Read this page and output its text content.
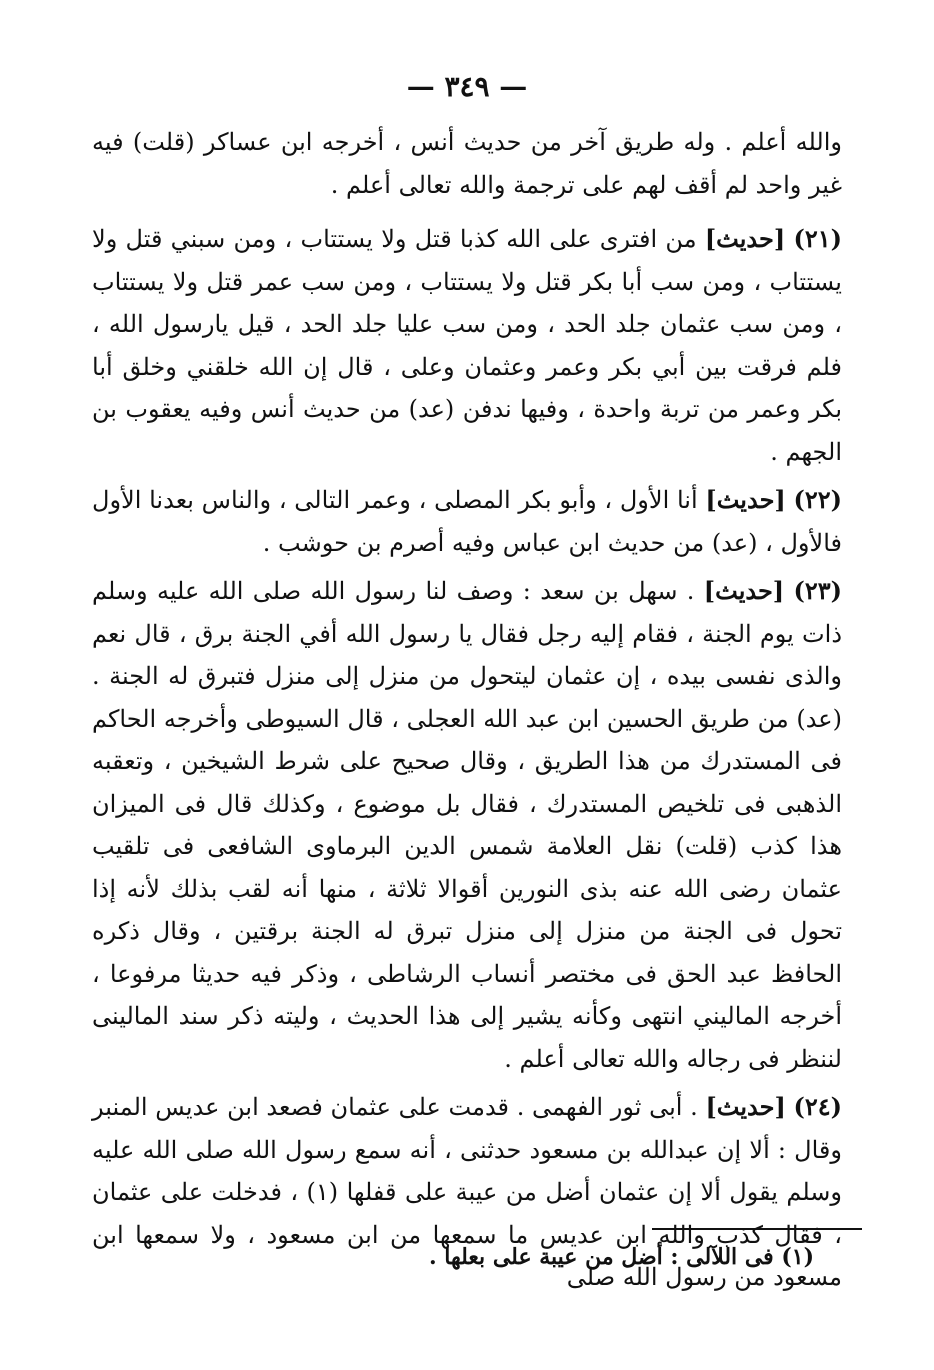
— ٣٤٩ —

والله أعلم . وله طريق آخر من حديث أنس ، أخرجه ابن عساكر (قلت) فيه غير واحد لم أقف لهم على ترجمة والله تعالى أعلم .

(٢١) [حديث] من افترى على الله كذبا قتل ولا يستتاب ، ومن سبني قتل ولا يستتاب ، ومن سب أبا بكر قتل ولا يستتاب ، ومن سب عمر قتل ولا يستتاب ، ومن سب عثمان جلد الحد ، ومن سب عليا جلد الحد ، قيل يارسول الله ، فلم فرقت بين أبي بكر وعمر وعثمان وعلى ، قال إن الله خلقني وخلق أبا بكر وعمر من تربة واحدة ، وفيها ندفن (عد) من حديث أنس وفيه يعقوب بن الجهم .

(٢٢) [حديث] أنا الأول ، وأبو بكر المصلى ، وعمر التالى ، والناس بعدنا الأول فالأول ، (عد) من حديث ابن عباس وفيه أصرم بن حوشب .

(٢٣) [حديث] . سهل بن سعد : وصف لنا رسول الله صلى الله عليه وسلم ذات يوم الجنة ، فقام إليه رجل فقال يا رسول الله أفي الجنة برق ، قال نعم والذى نفسى بيده ، إن عثمان ليتحول من منزل إلى منزل فتبرق له الجنة . (عد) من طريق الحسين ابن عبد الله العجلى ، قال السيوطى وأخرجه الحاكم فى المستدرك من هذا الطريق ، وقال صحيح على شرط الشيخين ، وتعقبه الذهبى فى تلخيص المستدرك ، فقال بل موضوع ، وكذلك قال فى الميزان هذا كذب (قلت) نقل العلامة شمس الدين البرماوى الشافعى فى تلقيب عثمان رضى الله عنه بذى النورين أقوالا ثلاثة ، منها أنه لقب بذلك لأنه إذا تحول فى الجنة من منزل إلى منزل تبرق له الجنة برقتين ، وقال ذكره الحافظ عبد الحق فى مختصر أنساب الرشاطى ، وذكر فيه حديثا مرفوعا ، أخرجه الماليني انتهى وكأنه يشير إلى هذا الحديث ، وليته ذكر سند المالينى لننظر فى رجاله والله تعالى أعلم .

(٢٤) [حديث] . أبى ثور الفهمى . قدمت على عثمان فصعد ابن عديس المنبر وقال : ألا إن عبدالله بن مسعود حدثنى ، أنه سمع رسول الله صلى الله عليه وسلم يقول ألا إن عثمان أضل من عيبة على قفلها (١) ، فدخلت على عثمان ، فقال كذب والله ابن عديس ما سمعها من ابن مسعود ، ولا سمعها ابن مسعود من رسول الله صلى

(١) فى اللآلى : أضل من عيبة على بعلها .
